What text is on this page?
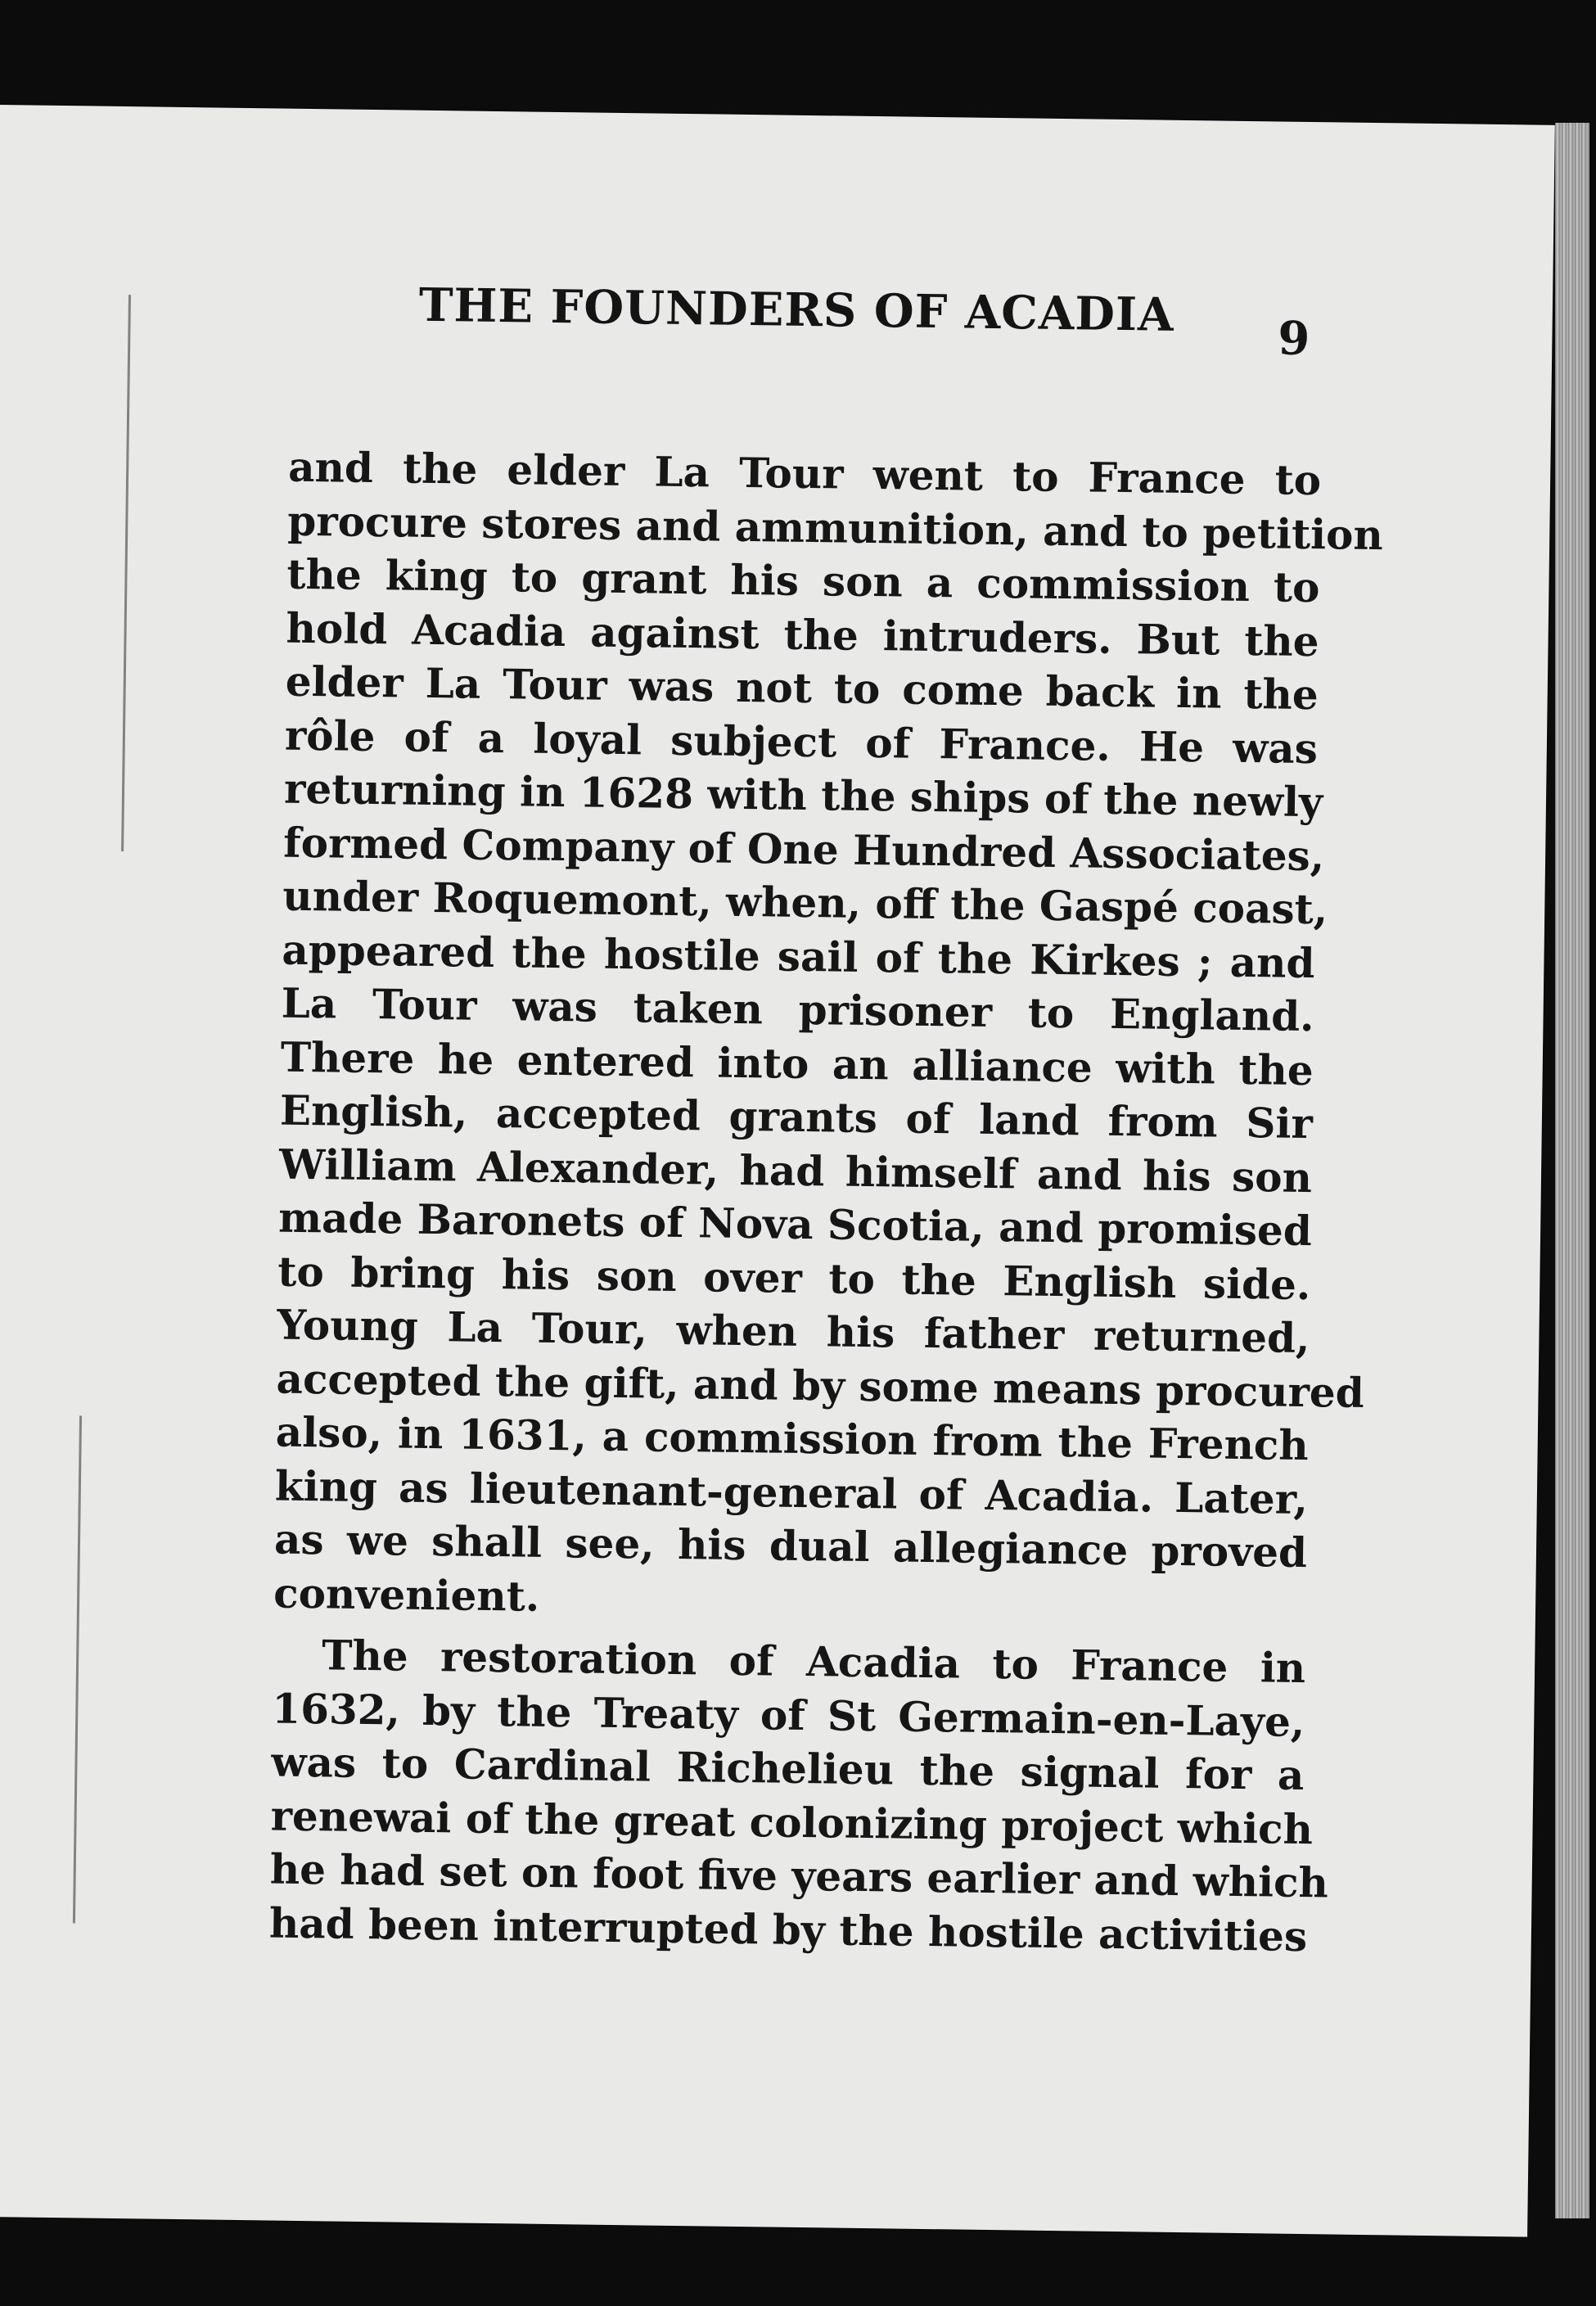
THE FOUNDERS OF ACADIA	9
and the elder La Tour went to France to
procure stores and ammunition, and to petition
the king to grant his son a commission to
hold Acadia against the intruders. But the
elder La Tour was not to come back in the
rôle of a loyal subject of France. He was
returning in 1628 with the ships of the newly
formed Company of One Hundred Associates,
under Roquemont, when, off the Gaspé coast,
appeared the hostile sail of the Kirkes ; and
La Tour was taken prisoner to England.
There he entered into an alliance with the
English, accepted grants of land from Sir
William Alexander, had himself and his son
made Baronets of Nova Scotia, and promised
to bring his son over to the English side.
Young La Tour, when his father returned,
accepted the gift, and by some means procured
also, in 1631, a commission from the French
king as lieutenant-general of Acadia. Later,
as we shall see, his dual allegiance proved
convenient.
The restoration of Acadia to France in
1632, by the Treaty of St Germain-en-Laye,
was to Cardinal Richelieu the signal for a
renewai of the great colonizing project which
he had set on foot five years earlier and which
had been interrupted by the hostile activities
